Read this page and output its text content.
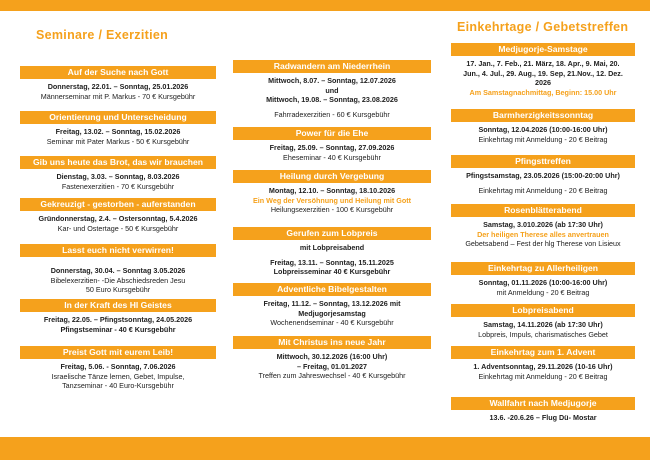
Seminare / Exerzitien
Auf der Suche nach Gott
Donnerstag, 22.01. – Sonntag, 25.01.2026
Männerseminar mit P. Markus - 70 € Kursgebühr
Orientierung und Unterscheidung
Freitag, 13.02. – Sonntag, 15.02.2026
Seminar mit Pater Markus - 50 € Kursgebühr
Gib uns heute das Brot, das wir brauchen
Dienstag, 3.03. – Sonntag, 8.03.2026
Fastenexerzitien - 70 € Kursgebühr
Gekreuzigt - gestorben - auferstanden
Gründonnerstag, 2.4. – Ostersonntag, 5.4.2026
Kar- und Ostertage - 50 € Kursgebühr
Lasst euch nicht verwirren!
Donnerstag, 30.04. – Sonntag 3.05.2026
Bibelexerzitien- -Die Abschiedsreden Jesu
50 Euro Kursgebühr
In der Kraft des Hl Geistes
Freitag, 22.05. – Pfingstsonntag, 24.05.2026
Pfingstseminar - 40 € Kursgebühr
Preist Gott mit eurem Leib!
Freitag, 5.06. - Sonntag, 7.06.2026
Israelische Tänze lernen, Gebet, Impulse,
Tanzseminar - 40 Euro-Kursgebühr
Radwandern am Niederrhein
Mittwoch, 8.07. – Sonntag, 12.07.2026
und
Mittwoch, 19.08. – Sonntag, 23.08.2026
Fahrradexerzitien - 60 € Kursgebühr
Power für die Ehe
Freitag, 25.09. – Sonntag, 27.09.2026
Eheseminar - 40 € Kursgebühr
Heilung durch Vergebung
Montag, 12.10. – Sonntag, 18.10.2026
Ein Weg der Versöhnung und Heilung mit Gott
Heilungsexerzitien - 100 € Kursgebühr
Gerufen zum Lobpreis
mit Lobpreisabend
Freitag, 13.11. – Sonntag, 15.11.2025
Lobpreisseminar 40 € Kursgebühr
Adventliche Bibelgestalten
Freitag, 11.12. – Sonntag, 13.12.2026 mit
Medjugorjesamstag
Wochenendseminar - 40 € Kursgebühr
Mit Christus ins neue Jahr
Mittwoch, 30.12.2026 (16:00 Uhr)
– Freitag, 01.01.2027
Treffen zum Jahreswechsel - 40 € Kursgebühr
Einkehrtage / Gebetstreffen
Medjugorje-Samstage
17. Jan., 7. Feb., 21. März, 18. Apr., 9. Mai, 20.
Jun., 4. Jul., 29. Aug., 19. Sep, 21.Nov., 12. Dez.
2026
Am Samstagnachmittag, Beginn: 15.00 Uhr
Barmherzigkeitssonntag
Sonntag, 12.04.2026 (10:00-16:00 Uhr)
Einkehrtag mit Anmeldung - 20 € Beitrag
Pfingsttreffen
Pfingstsamstag, 23.05.2026 (15:00-20:00 Uhr)
Einkehrtag mit Anmeldung - 20 € Beitrag
Rosenblätterabend
Samstag, 3.010.2026 (ab 17:30 Uhr)
Der heiligen Therese alles anvertrauen
Gebetsabend – Fest der hlg Therese von Lisieux
Einkehrtag zu Allerheiligen
Sonntag, 01.11.2026 (10:00-16:00 Uhr)
mit Anmeldung - 20 € Beitrag
Lobpreisabend
Samstag, 14.11.2026 (ab 17:30 Uhr)
Lobpreis, Impuls, charismatisches Gebet
Einkehrtag zum 1. Advent
1. Adventsonntag, 29.11.2026 (10-16 Uhr)
Einkehrtag mit Anmeldung - 20 € Beitrag
Wallfahrt nach Medjugorje
13.6. -20.6.26 – Flug Dü- Mostar
